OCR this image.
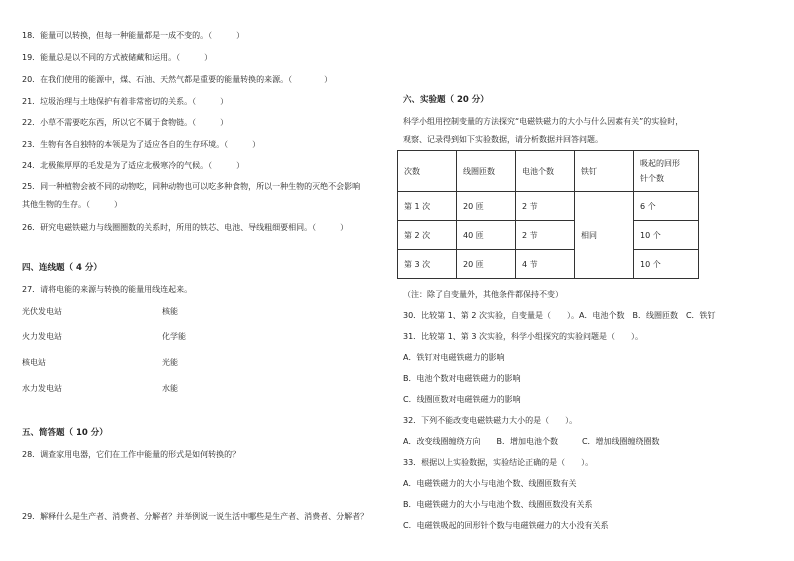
18．能量可以转换，但每一种能量都是一成不变的。（　　　）
19．能量总是以不同的方式被储藏和运用。（　　　）
20．在我们使用的能源中，煤、石油、天然气都是重要的能量转换的来源。（　　　　）
21．垃圾治理与土地保护有着非常密切的关系。（　　　）
22．小草不需要吃东西，所以它不属于食物链。（　　　）
23．生物有各自独特的本领是为了适应各自的生存环境。（　　　）
24．北极熊厚厚的毛发是为了适应北极寒冷的气候。（　　　）
25．同一种植物会被不同的动物吃，同种动物也可以吃多种食物，所以一种生物的灭绝不会影响
其他生物的生存。（　　　）
26．研究电磁铁磁力与线圈圈数的关系时，所用的铁芯、电池、导线粗细要相同。（　　　）
四、连线题（ 4 分）
27．请将电能的来源与转换的能量用线连起来。
光伏发电站
火力发电站
核电站
水力发电站
核能
化学能
光能
水能
五、简答题（ 10 分）
28．调查家用电器，它们在工作中能量的形式是如何转换的？
29．解释什么是生产者、消费者、分解者？并举例说一说生活中哪些是生产者、消费者、分解者？
六、实验题（ 20 分）
科学小组用控制变量的方法探究“电磁铁磁力的大小与什么因素有关”的实验时，
观察、记录得到如下实验数据，请分析数据并回答问题。
次数	线圈匝数	电池个数	铁钉	吸起的回形
针个数

第 1 次	20 匝	2 节	相同	6 个
第 2 次	40 匝	2 节		10 个
第 3 次	20 匝	4 节		10 个
（注：除了自变量外，其他条件都保持不变）
30．比较第 1、第 2 次实验，自变量是（　　）。A．电池个数　B．线圈匝数　C．铁钉
31．比较第 1、第 3 次实验，科学小组探究的实验问题是（　　）。
A．铁钉对电磁铁磁力的影响
B．电池个数对电磁铁磁力的影响
C．线圈匝数对电磁铁磁力的影响
32．下列不能改变电磁铁磁力大小的是（　　）。
A．改变线圈缠绕方向　　B．增加电池个数　　　C．增加线圈缠绕圈数
33．根据以上实验数据，实验结论正确的是（　　）。
A．电磁铁磁力的大小与电池个数、线圈匝数有关
B．电磁铁磁力的大小与电池个数、线圈匝数没有关系
C．电磁铁吸起的回形针个数与电磁铁磁力的大小没有关系
